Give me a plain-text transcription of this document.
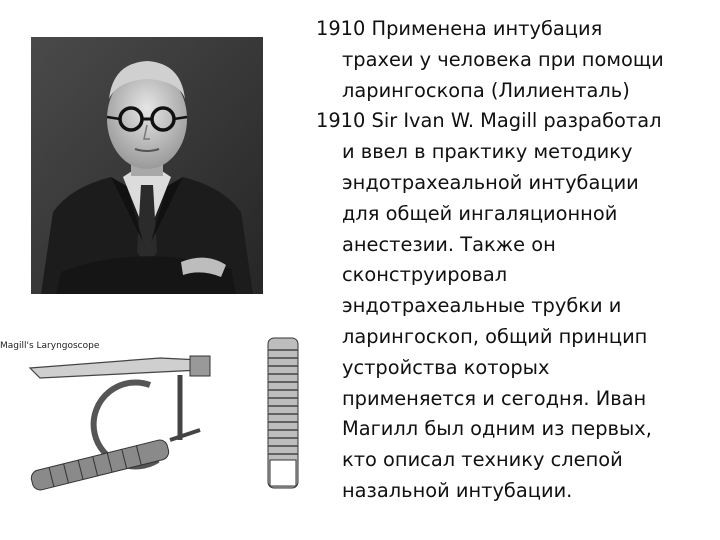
Magill's Laryngoscope

1910 Применена интубация
трахеи у человека при помощи
ларингоскопа (Лилиенталь)

1910 Sir Ivan W. Magill разработал
и ввел в практику методику
эндотрахеальной интубации
для общей ингаляционной
анестезии. Также он
сконструировал
эндотрахеальные трубки и
ларингоскоп, общий принцип
устройства которых
применяется и сегодня. Иван
Магилл был одним из первых,
кто описал технику слепой
назальной интубации.
